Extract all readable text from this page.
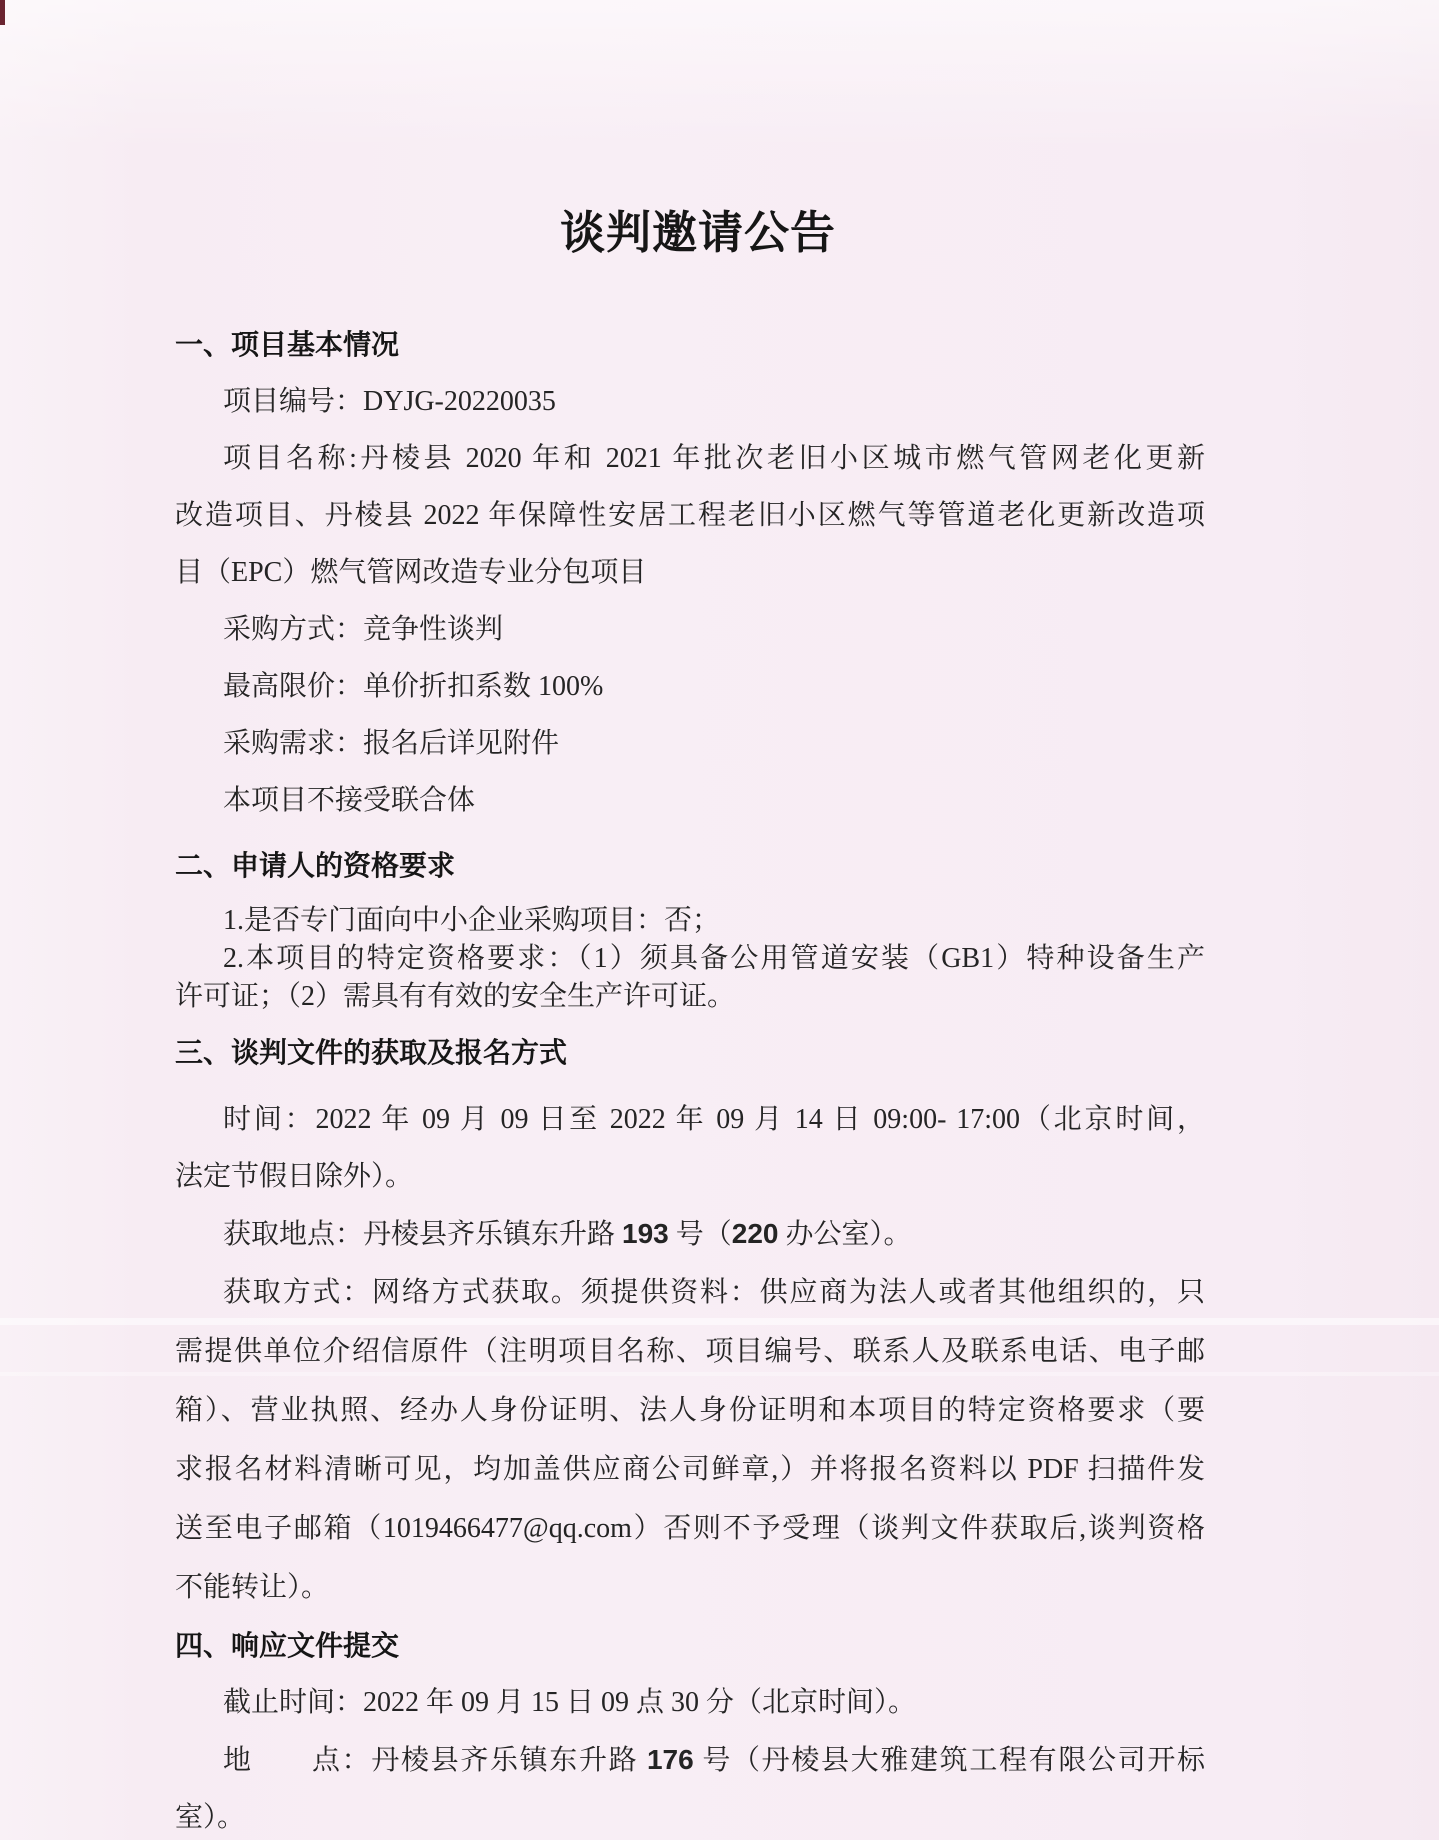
谈判邀请公告
一、项目基本情况
项目编号：DYJG-20220035
项目名称:丹棱县 2020 年和 2021 年批次老旧小区城市燃气管网老化更新
改造项目、丹棱县 2022 年保障性安居工程老旧小区燃气等管道老化更新改造项
目（EPC）燃气管网改造专业分包项目
采购方式：竞争性谈判
最高限价：单价折扣系数 100%
采购需求：报名后详见附件
本项目不接受联合体
二、申请人的资格要求
1.是否专门面向中小企业采购项目：否；
2.本项目的特定资格要求：（1）须具备公用管道安装（GB1）特种设备生产
许可证；（2）需具有有效的安全生产许可证。
三、谈判文件的获取及报名方式
时间：2022 年 09 月 09 日至 2022 年 09 月 14 日 09:00- 17:00（北京时间，
法定节假日除外）。
获取地点：丹棱县齐乐镇东升路 193 号（220 办公室）。
获取方式：网络方式获取。须提供资料：供应商为法人或者其他组织的，只
需提供单位介绍信原件（注明项目名称、项目编号、联系人及联系电话、电子邮
箱）、营业执照、经办人身份证明、法人身份证明和本项目的特定资格要求（要
求报名材料清晰可见，均加盖供应商公司鲜章,）并将报名资料以 PDF 扫描件发
送至电子邮箱（1019466477@qq.com）否则不予受理（谈判文件获取后,谈判资格
不能转让）。
四、响应文件提交
截止时间：2022 年 09 月 15 日 09 点 30 分（北京时间）。
地　　点：丹棱县齐乐镇东升路 176 号（丹棱县大雅建筑工程有限公司开标
室）。
